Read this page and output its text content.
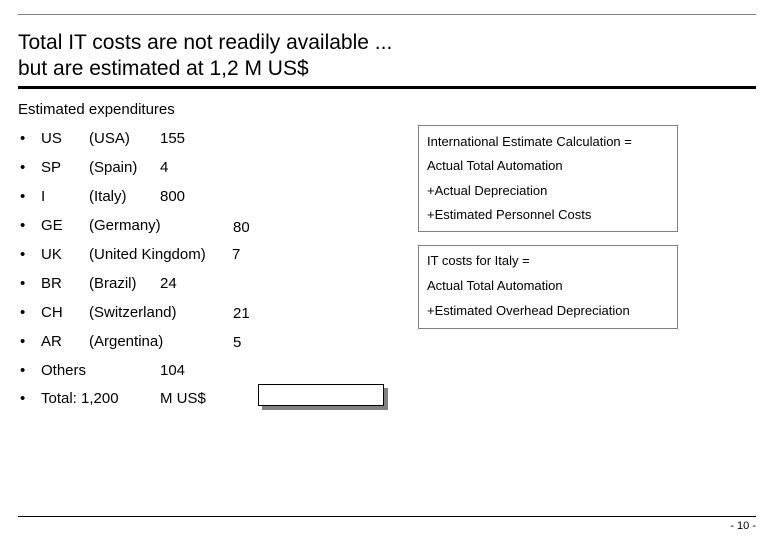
Total IT costs are not readily available ...
but are estimated at 1,2 M US$
Estimated expenditures
• US (USA) 155
• SP (Spain) 4
• I	(Italy) 800
• GE (Germany)	80
• UK (United Kingdom) 7
• BR (Brazil) 24
• CH (Switzerland)	21
• AR (Argentina)	5
• Others	104
• Total: 1,200	M US$
International Estimate Calculation =
Actual Total Automation
+Actual Depreciation
+Estimated Personnel Costs
IT costs for Italy =
Actual Total Automation
+Estimated Overhead Depreciation
- 10 -
